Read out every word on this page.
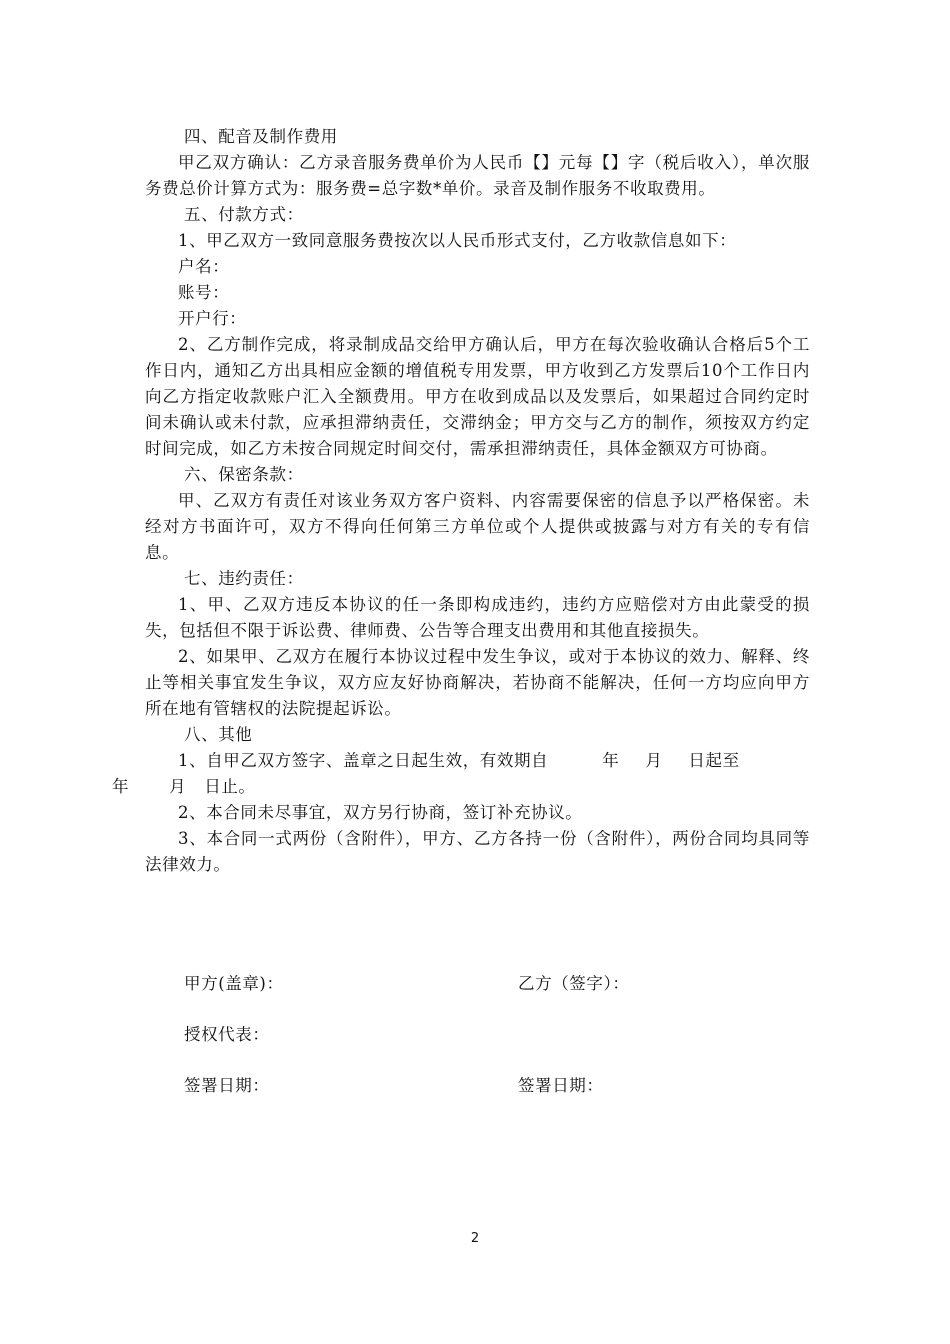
四、配音及制作费用

甲乙双方确认：乙方录音服务费单价为人民币【】元每【】字（税后收入），单次服务费总价计算方式为：服务费=总字数*单价。录音及制作服务不收取费用。

五、付款方式：

1、甲乙双方一致同意服务费按次以人民币形式支付，乙方收款信息如下：

户名：

账号：

开户行：

2、乙方制作完成，将录制成品交给甲方确认后，甲方在每次验收确认合格后5个工作日内，通知乙方出具相应金额的增值税专用发票，甲方收到乙方发票后10个工作日内向乙方指定收款账户汇入全额费用。甲方在收到成品以及发票后，如果超过合同约定时间未确认或未付款，应承担滞纳责任，交滞纳金；甲方交与乙方的制作，须按双方约定时间完成，如乙方未按合同规定时间交付，需承担滞纳责任，具体金额双方可协商。

六、保密条款：

甲、乙双方有责任对该业务双方客户资料、内容需要保密的信息予以严格保密。未经对方书面许可，双方不得向任何第三方单位或个人提供或披露与对方有关的专有信息。

七、违约责任：

1、甲、乙双方违反本协议的任一条即构成违约，违约方应赔偿对方由此蒙受的损失，包括但不限于诉讼费、律师费、公告等合理支出费用和其他直接损失。

2、如果甲、乙双方在履行本协议过程中发生争议，或对于本协议的效力、解释、终止等相关事宜发生争议，双方应友好协商解决，若协商不能解决，任何一方均应向甲方所在地有管辖权的法院提起诉讼。

八、其他

1、自甲乙双方签字、盖章之日起生效，有效期自	年 月 日起至
年 月 日止。

2、本合同未尽事宜，双方另行协商，签订补充协议。

3、本合同一式两份（含附件），甲方、乙方各持一份（含附件），两份合同均具同等法律效力。

甲方(盖章)：	乙方（签字）：
授权代表：
签署日期：	签署日期：
2
